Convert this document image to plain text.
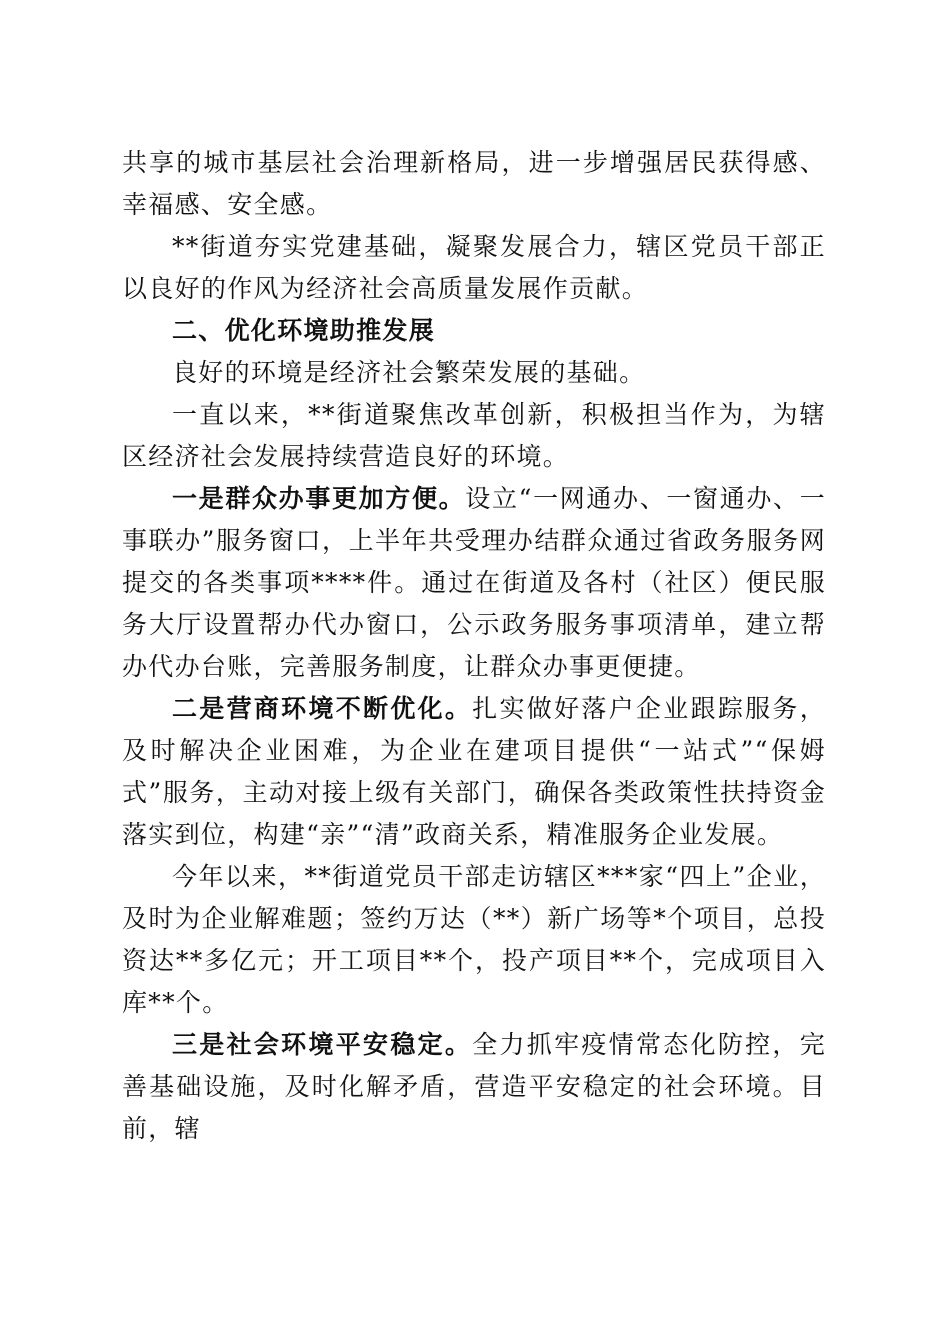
共享的城市基层社会治理新格局，进一步增强居民获得感、幸福感、安全感。

**街道夯实党建基础，凝聚发展合力，辖区党员干部正以良好的作风为经济社会高质量发展作贡献。

二、优化环境助推发展

良好的环境是经济社会繁荣发展的基础。

一直以来，**街道聚焦改革创新，积极担当作为，为辖区经济社会发展持续营造良好的环境。

一是群众办事更加方便。设立“一网通办、一窗通办、一事联办”服务窗口，上半年共受理办结群众通过省政务服务网提交的各类事项****件。通过在街道及各村（社区）便民服务大厅设置帮办代办窗口，公示政务服务事项清单，建立帮办代办台账，完善服务制度，让群众办事更便捷。

二是营商环境不断优化。扎实做好落户企业跟踪服务，及时解决企业困难，为企业在建项目提供“一站式”“保姆式”服务，主动对接上级有关部门，确保各类政策性扶持资金落实到位，构建“亲”“清”政商关系，精准服务企业发展。

今年以来，**街道党员干部走访辖区***家“四上”企业，及时为企业解难题；签约万达（**）新广场等*个项目，总投资达**多亿元；开工项目**个，投产项目**个，完成项目入库**个。

三是社会环境平安稳定。全力抓牢疫情常态化防控，完善基础设施，及时化解矛盾，营造平安稳定的社会环境。目前，辖
